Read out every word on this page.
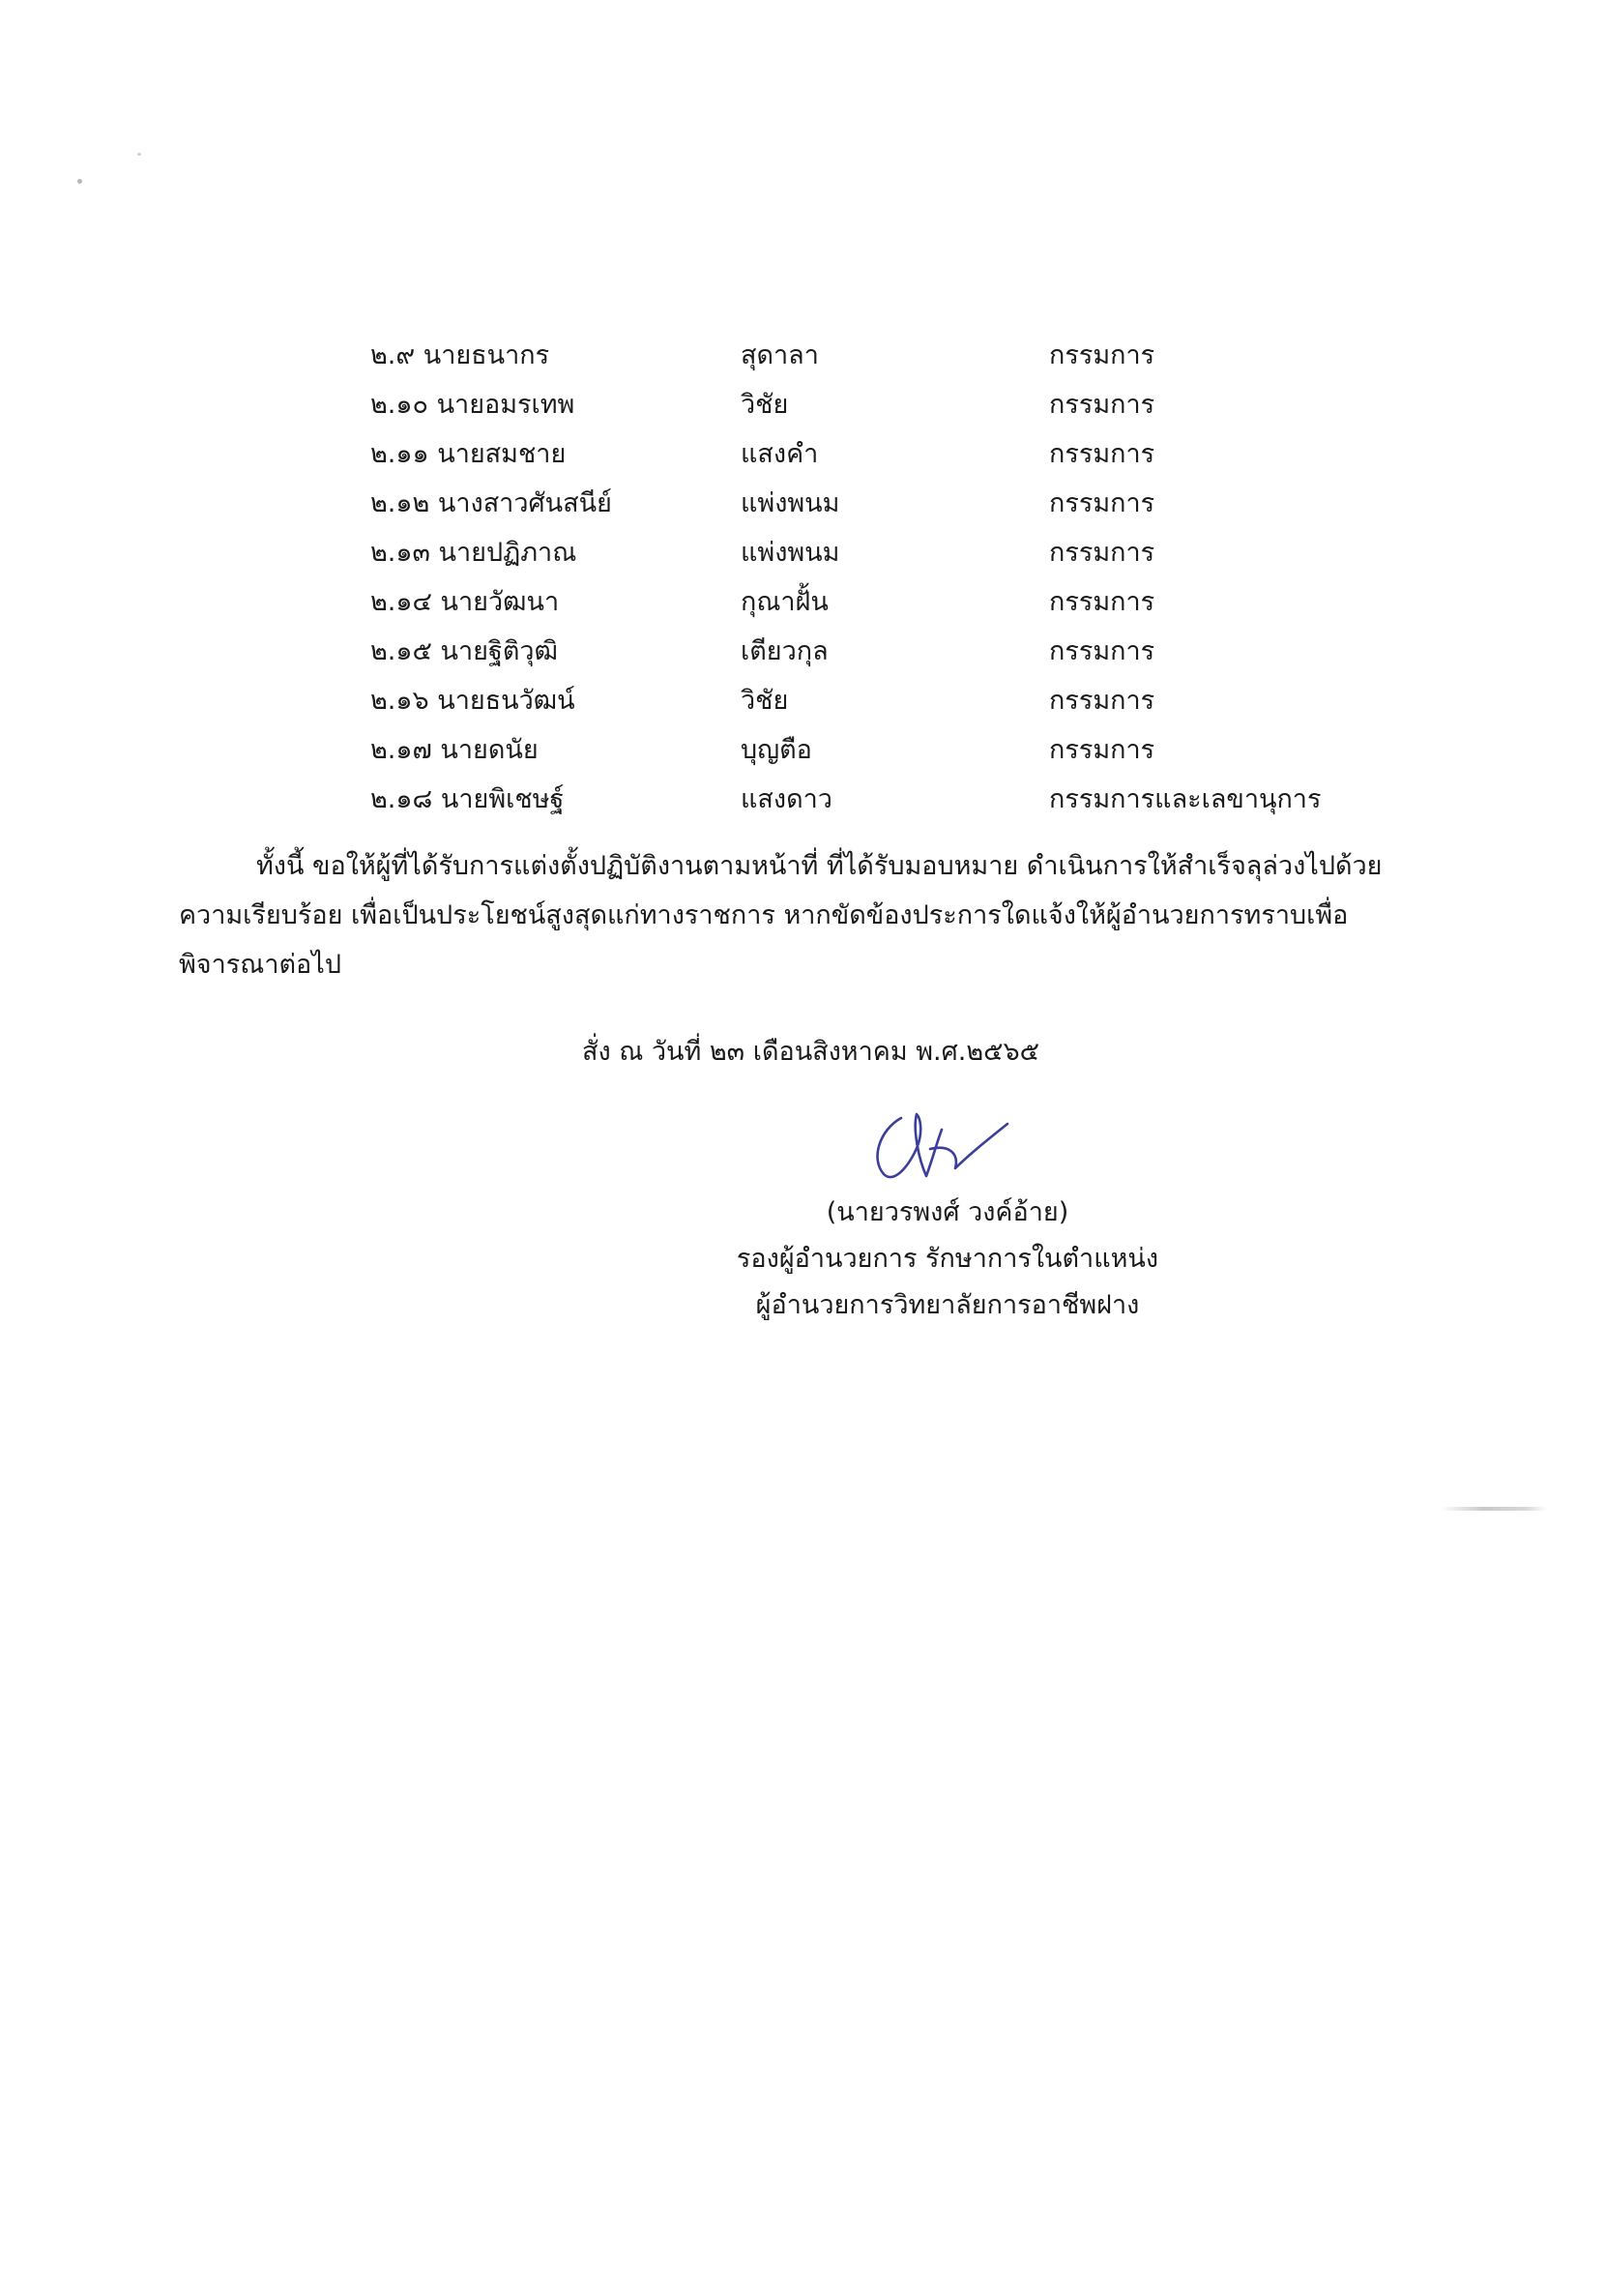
๒.๙ นายธนากร	สุดาลา	กรรมการ
๒.๑๐ นายอมรเทพ	วิชัย	กรรมการ
๒.๑๑ นายสมชาย	แสงคำ	กรรมการ
๒.๑๒ นางสาวศันสนีย์	แพ่งพนม	กรรมการ
๒.๑๓ นายปฏิภาณ	แพ่งพนม	กรรมการ
๒.๑๔ นายวัฒนา	กุณาฝั้น	กรรมการ
๒.๑๕ นายฐิติวุฒิ	เตียวกุล	กรรมการ
๒.๑๖ นายธนวัฒน์	วิชัย	กรรมการ
๒.๑๗ นายดนัย	บุญตือ	กรรมการ
๒.๑๘ นายพิเชษฐ์	แสงดาว	กรรมการและเลขานุการ
ทั้งนี้ ขอให้ผู้ที่ได้รับการแต่งตั้งปฏิบัติงานตามหน้าที่ ที่ได้รับมอบหมาย ดำเนินการให้สำเร็จลุล่วงไปด้วย
ความเรียบร้อย เพื่อเป็นประโยชน์สูงสุดแก่ทางราชการ หากขัดข้องประการใดแจ้งให้ผู้อำนวยการทราบเพื่อ
พิจารณาต่อไป
สั่ง ณ วันที่ ๒๓ เดือนสิงหาคม พ.ศ.๒๕๖๕
(นายวรพงศ์ วงค์อ้าย)
รองผู้อำนวยการ รักษาการในตำแหน่ง
ผู้อำนวยการวิทยาลัยการอาชีพฝาง
